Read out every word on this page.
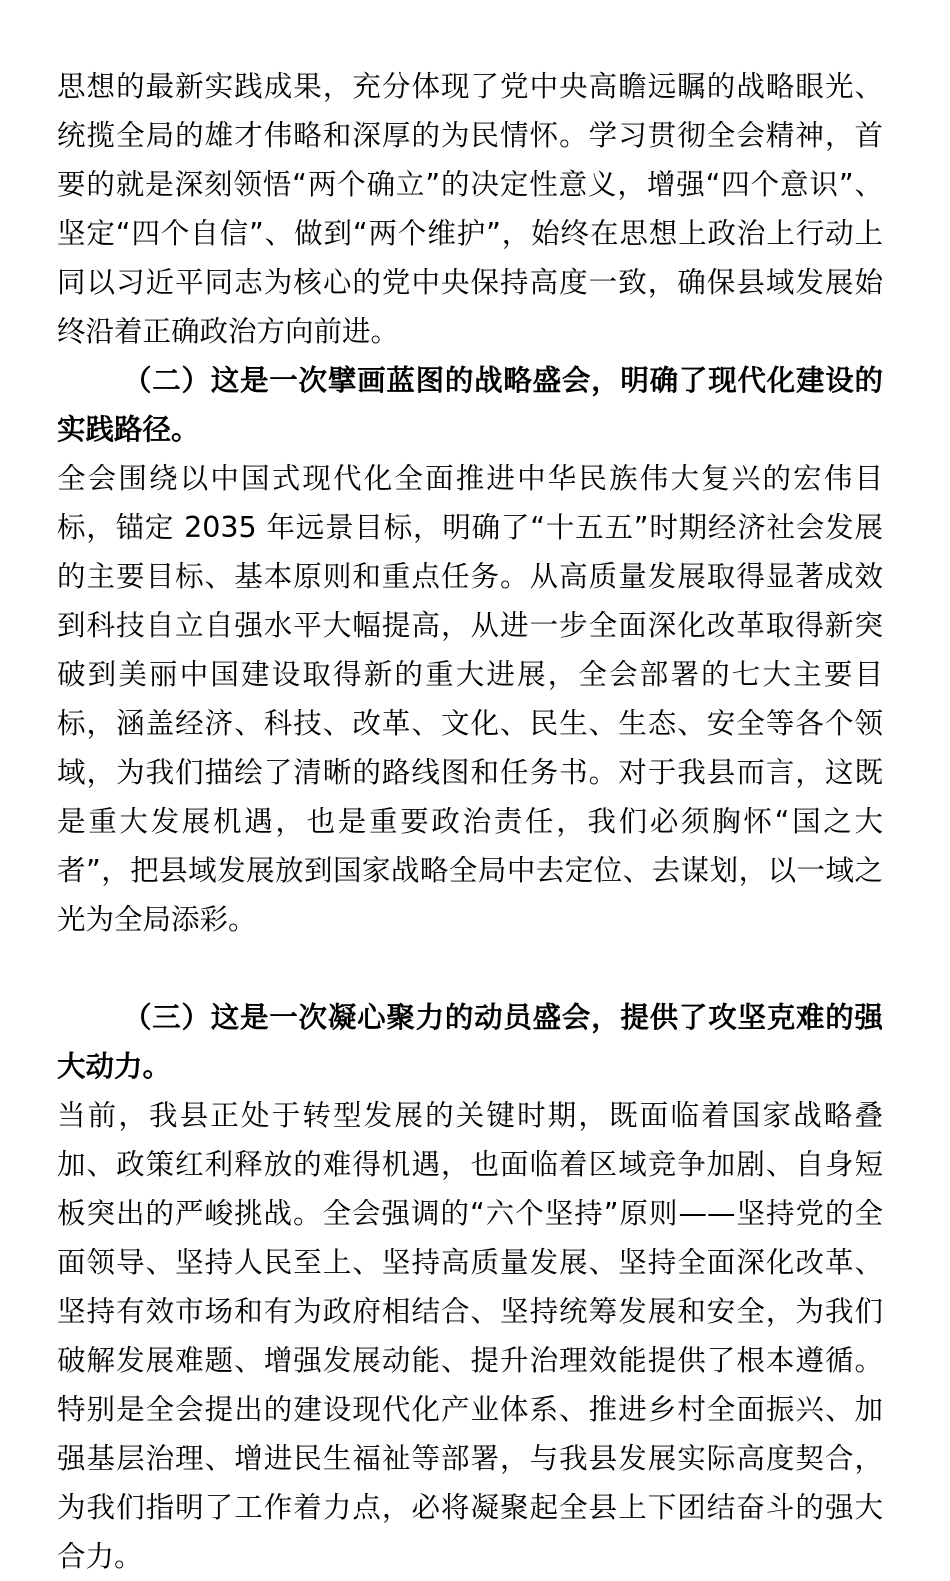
思想的最新实践成果，充分体现了党中央高瞻远瞩的战略眼光、统揽全局的雄才伟略和深厚的为民情怀。学习贯彻全会精神，首要的就是深刻领悟“两个确立”的决定性意义，增强“四个意识”、坚定“四个自信”、做到“两个维护”，始终在思想上政治上行动上同以习近平同志为核心的党中央保持高度一致，确保县域发展始终沿着正确政治方向前进。

（二）这是一次擘画蓝图的战略盛会，明确了现代化建设的实践路径。

全会围绕以中国式现代化全面推进中华民族伟大复兴的宏伟目标，锚定 2035 年远景目标，明确了“十五五”时期经济社会发展的主要目标、基本原则和重点任务。从高质量发展取得显著成效到科技自立自强水平大幅提高，从进一步全面深化改革取得新突破到美丽中国建设取得新的重大进展，全会部署的七大主要目标，涵盖经济、科技、改革、文化、民生、生态、安全等各个领域，为我们描绘了清晰的路线图和任务书。对于我县而言，这既是重大发展机遇，也是重要政治责任，我们必须胸怀“国之大者”，把县域发展放到国家战略全局中去定位、去谋划，以一域之光为全局添彩。

（三）这是一次凝心聚力的动员盛会，提供了攻坚克难的强大动力。

当前，我县正处于转型发展的关键时期，既面临着国家战略叠加、政策红利释放的难得机遇，也面临着区域竞争加剧、自身短板突出的严峻挑战。全会强调的“六个坚持”原则——坚持党的全面领导、坚持人民至上、坚持高质量发展、坚持全面深化改革、坚持有效市场和有为政府相结合、坚持统筹发展和安全，为我们破解发展难题、增强发展动能、提升治理效能提供了根本遵循。特别是全会提出的建设现代化产业体系、推进乡村全面振兴、加强基层治理、增进民生福祉等部署，与我县发展实际高度契合，为我们指明了工作着力点，必将凝聚起全县上下团结奋斗的强大合力。
